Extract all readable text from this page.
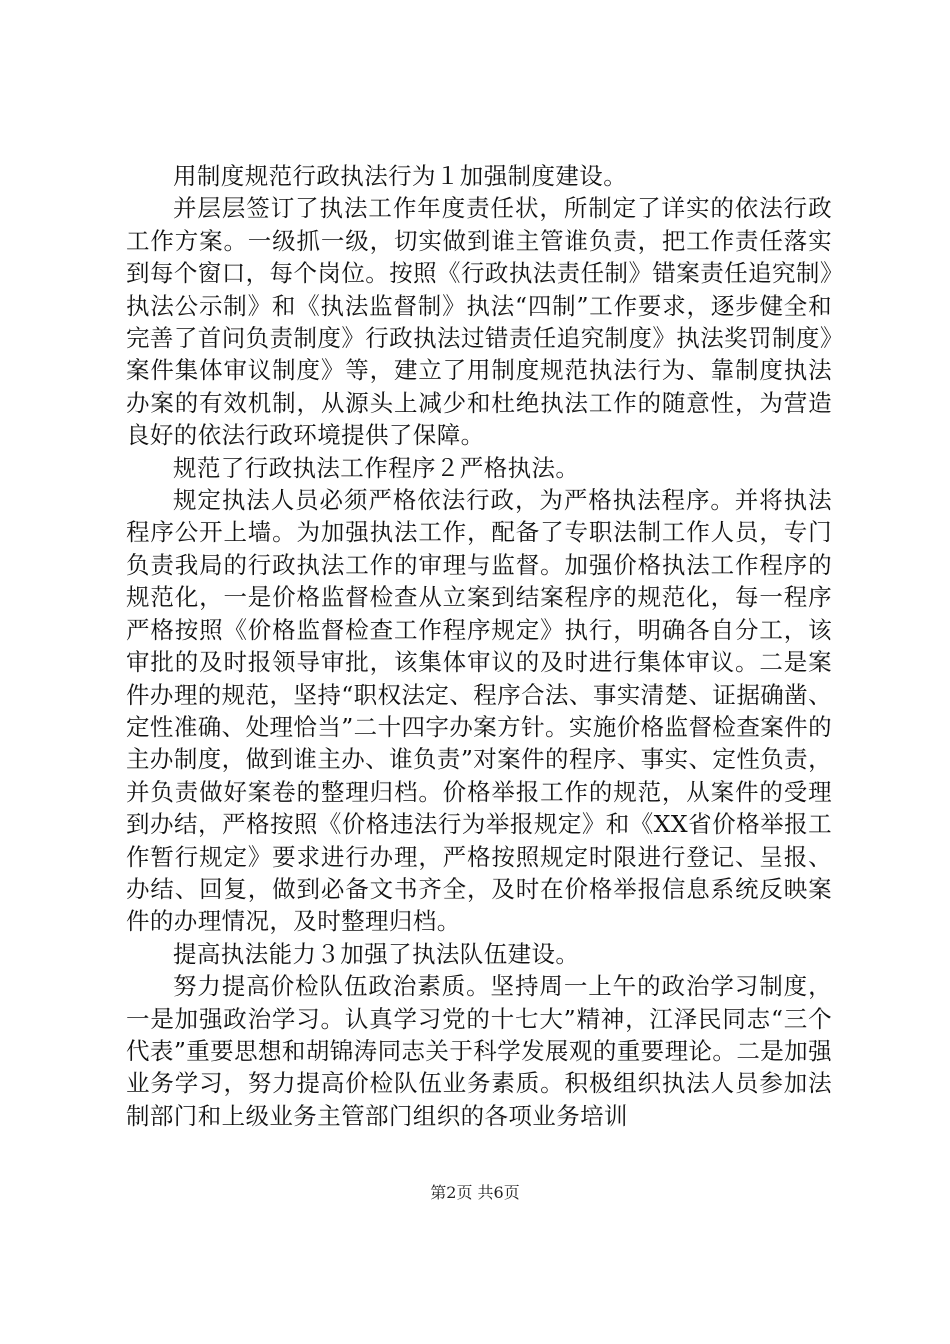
用制度规范行政执法行为１加强制度建设。

并层层签订了执法工作年度责任状，所制定了详实的依法行政工作方案。一级抓一级，切实做到谁主管谁负责，把工作责任落实到每个窗口，每个岗位。按照《行政执法责任制》错案责任追究制》执法公示制》和《执法监督制》执法“四制”工作要求，逐步健全和完善了首问负责制度》行政执法过错责任追究制度》执法奖罚制度》案件集体审议制度》等，建立了用制度规范执法行为、靠制度执法办案的有效机制，从源头上减少和杜绝执法工作的随意性，为营造良好的依法行政环境提供了保障。

规范了行政执法工作程序２严格执法。

规定执法人员必须严格依法行政，为严格执法程序。并将执法程序公开上墙。为加强执法工作，配备了专职法制工作人员，专门负责我局的行政执法工作的审理与监督。加强价格执法工作程序的规范化，一是价格监督检查从立案到结案程序的规范化，每一程序严格按照《价格监督检查工作程序规定》执行，明确各自分工，该审批的及时报领导审批，该集体审议的及时进行集体审议。二是案件办理的规范，坚持“职权法定、程序合法、事实清楚、证据确凿、定性准确、处理恰当”二十四字办案方针。实施价格监督检查案件的主办制度，做到谁主办、谁负责”对案件的程序、事实、定性负责，并负责做好案卷的整理归档。价格举报工作的规范，从案件的受理到办结，严格按照《价格违法行为举报规定》和《XX省价格举报工作暂行规定》要求进行办理，严格按照规定时限进行登记、呈报、办结、回复，做到必备文书齐全，及时在价格举报信息系统反映案件的办理情况，及时整理归档。

提高执法能力３加强了执法队伍建设。

努力提高价检队伍政治素质。坚持周一上午的政治学习制度，一是加强政治学习。认真学习党的十七大”精神，江泽民同志“三个代表”重要思想和胡锦涛同志关于科学发展观的重要理论。二是加强业务学习，努力提高价检队伍业务素质。积极组织执法人员参加法制部门和上级业务主管部门组织的各项业务培训

第2页 共6页
